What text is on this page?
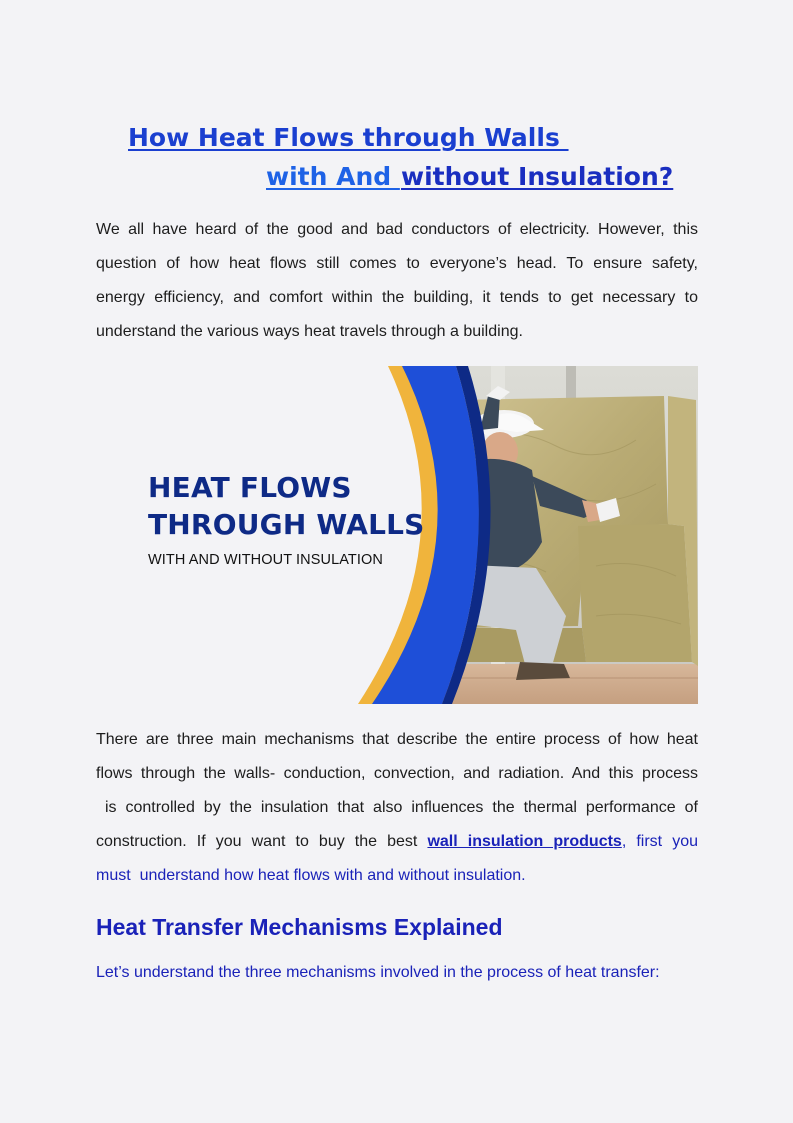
How Heat Flows through Walls
with And without Insulation?
We all have heard of the good and bad conductors of electricity. However, this
question of how heat flows still comes to everyone’s head. To ensure safety,
energy efficiency, and comfort within the building, it tends to get necessary to
understand the various ways heat travels through a building.
HEAT FLOWS
THROUGH WALLS
WITH AND WITHOUT INSULATION
There are three main mechanisms that describe the entire process of how heat
flows through the walls- conduction, convection, and radiation. And this process
is controlled by the insulation that also influences the thermal performance of
construction. If you want to buy the best wall insulation products, first you
must  understand how heat flows with and without insulation.
Heat Transfer Mechanisms Explained

Let’s understand the three mechanisms involved in the process of heat transfer:
